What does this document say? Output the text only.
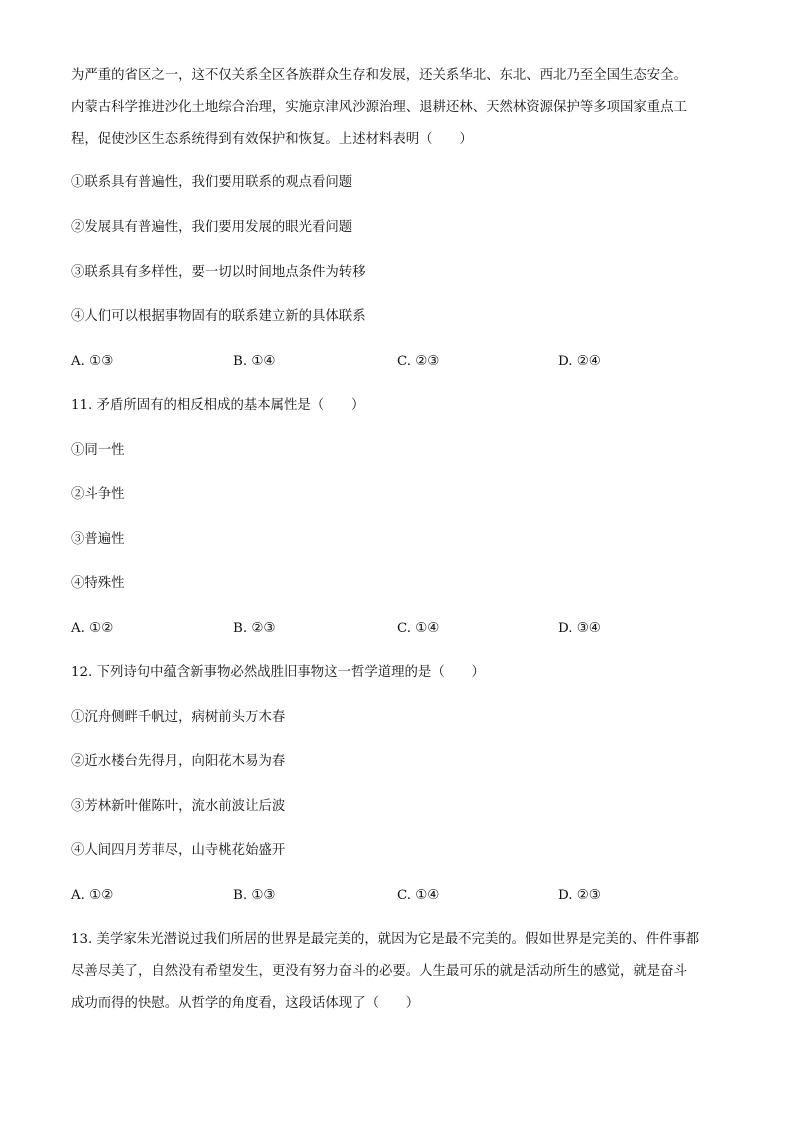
为严重的省区之一，这不仅关系全区各族群众生存和发展，还关系华北、东北、西北乃至全国生态安全。
内蒙古科学推进沙化土地综合治理，实施京津风沙源治理、退耕还林、天然林资源保护等多项国家重点工
程，促使沙区生态系统得到有效保护和恢复。上述材料表明（　　）
①联系具有普遍性，我们要用联系的观点看问题
②发展具有普遍性，我们要用发展的眼光看问题
③联系具有多样性，要一切以时间地点条件为转移
④人们可以根据事物固有的联系建立新的具体联系
A. ①③	B. ①④	C. ②③	D. ②④
11. 矛盾所固有的相反相成的基本属性是（　　）
①同一性
②斗争性
③普遍性
④特殊性
A. ①②	B. ②③	C. ①④	D. ③④
12. 下列诗句中蕴含新事物必然战胜旧事物这一哲学道理的是（　　）
①沉舟侧畔千帆过，病树前头万木春
②近水楼台先得月，向阳花木易为春
③芳林新叶催陈叶，流水前波让后波
④人间四月芳菲尽，山寺桃花始盛开
A. ①②	B. ①③	C. ①④	D. ②③
13. 美学家朱光潜说过我们所居的世界是最完美的，就因为它是最不完美的。假如世界是完美的、件件事都
尽善尽美了，自然没有希望发生，更没有努力奋斗的必要。人生最可乐的就是活动所生的感觉，就是奋斗
成功而得的快慰。从哲学的角度看，这段话体现了（　　）
